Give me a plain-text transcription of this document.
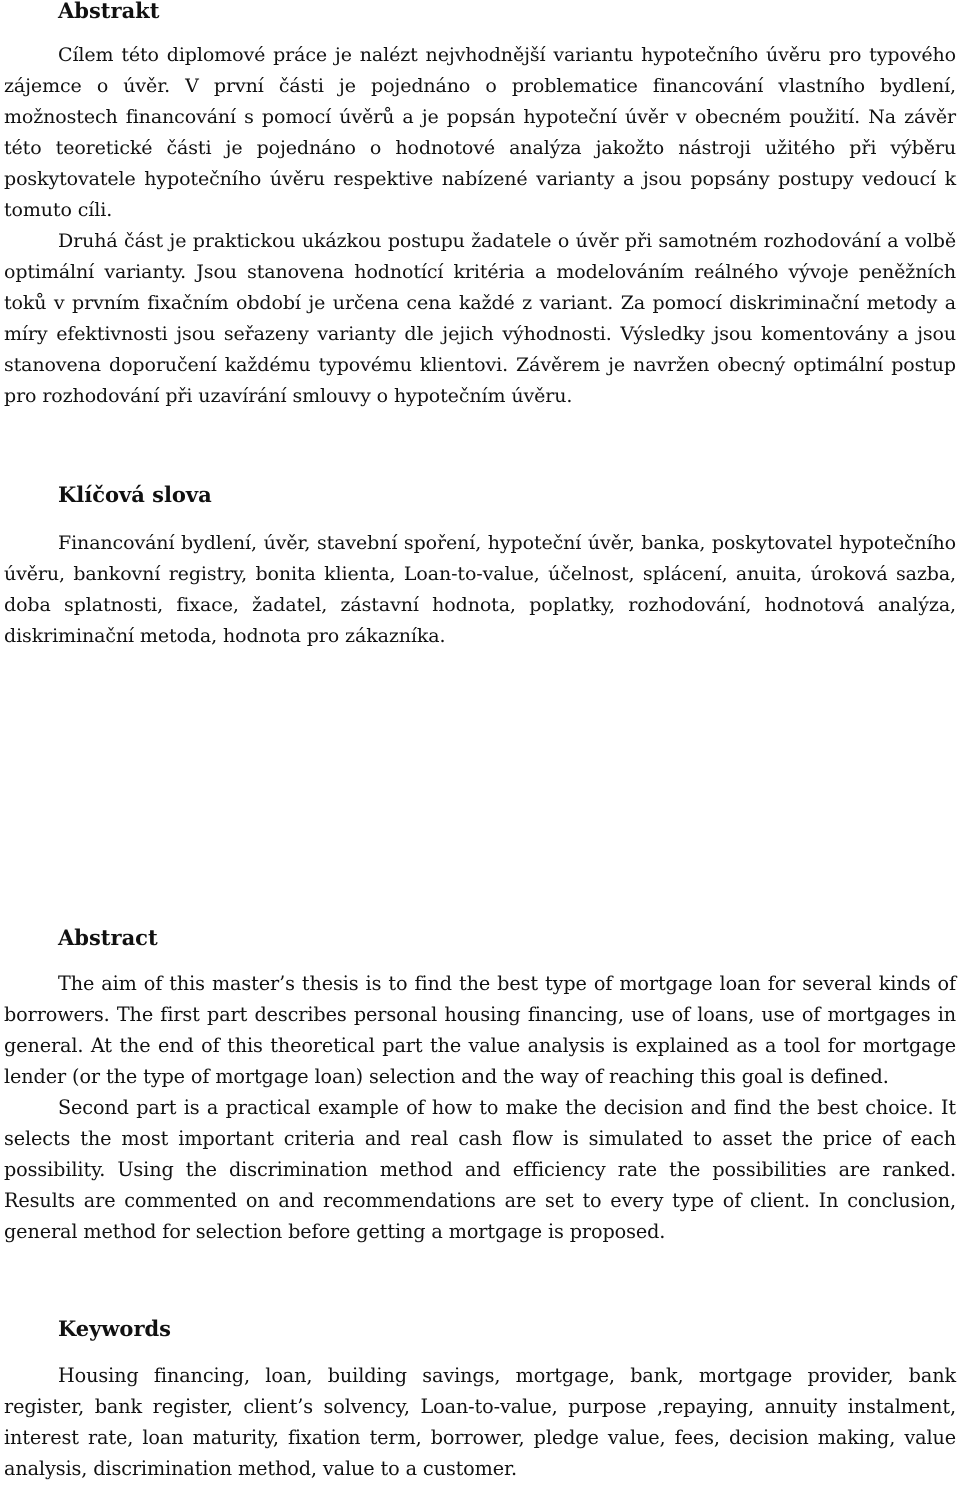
Abstrakt

Cílem této diplomové práce je nalézt nejvhodnější variantu hypotečního úvěru pro typového zájemce o úvěr. V první části je pojednáno o problematice financování vlastního bydlení, možnostech financování s pomocí úvěrů a je popsán hypoteční úvěr v obecném použití. Na závěr této teoretické části je pojednáno o hodnotové analýza jakožto nástroji užitého při výběru poskytovatele hypotečního úvěru respektive nabízené varianty a jsou popsány postupy vedoucí k tomuto cíli.

Druhá část je praktickou ukázkou postupu žadatele o úvěr při samotném rozhodování a volbě optimální varianty. Jsou stanovena hodnotící kritéria a modelováním reálného vývoje peněžních toků v prvním fixačním období je určena cena každé z variant. Za pomocí diskriminační metody a míry efektivnosti jsou seřazeny varianty dle jejich výhodnosti. Výsledky jsou komentovány a jsou stanovena doporučení každému typovému klientovi. Závěrem je navržen obecný optimální postup pro rozhodování při uzavírání smlouvy o hypotečním úvěru.

Klíčová slova

Financování bydlení, úvěr, stavební spoření, hypoteční úvěr, banka, poskytovatel hypotečního úvěru, bankovní registry, bonita klienta, Loan-to-value, účelnost, splácení, anuita, úroková sazba, doba splatnosti, fixace, žadatel, zástavní hodnota, poplatky, rozhodování, hodnotová analýza, diskriminační metoda, hodnota pro zákazníka.

Abstract

The aim of this master’s thesis is to find the best type of mortgage loan for several kinds of borrowers. The first part describes personal housing financing, use of loans, use of mortgages in general. At the end of this theoretical part the value analysis is explained as a tool for mortgage lender (or the type of mortgage loan) selection and the way of reaching this goal is defined.

Second part is a practical example of how to make the decision and find the best choice. It selects the most important criteria and real cash flow is simulated to asset the price of each possibility. Using the discrimination method and efficiency rate the possibilities are ranked. Results are commented on and recommendations are set to every type of client. In conclusion, general method for selection before getting a mortgage is proposed.

Keywords

Housing financing, loan, building savings, mortgage, bank, mortgage provider, bank register, bank register, client’s solvency, Loan-to-value, purpose ,repaying, annuity instalment, interest rate, loan maturity, fixation term, borrower, pledge value, fees, decision making, value analysis, discrimination method, value to a customer.
